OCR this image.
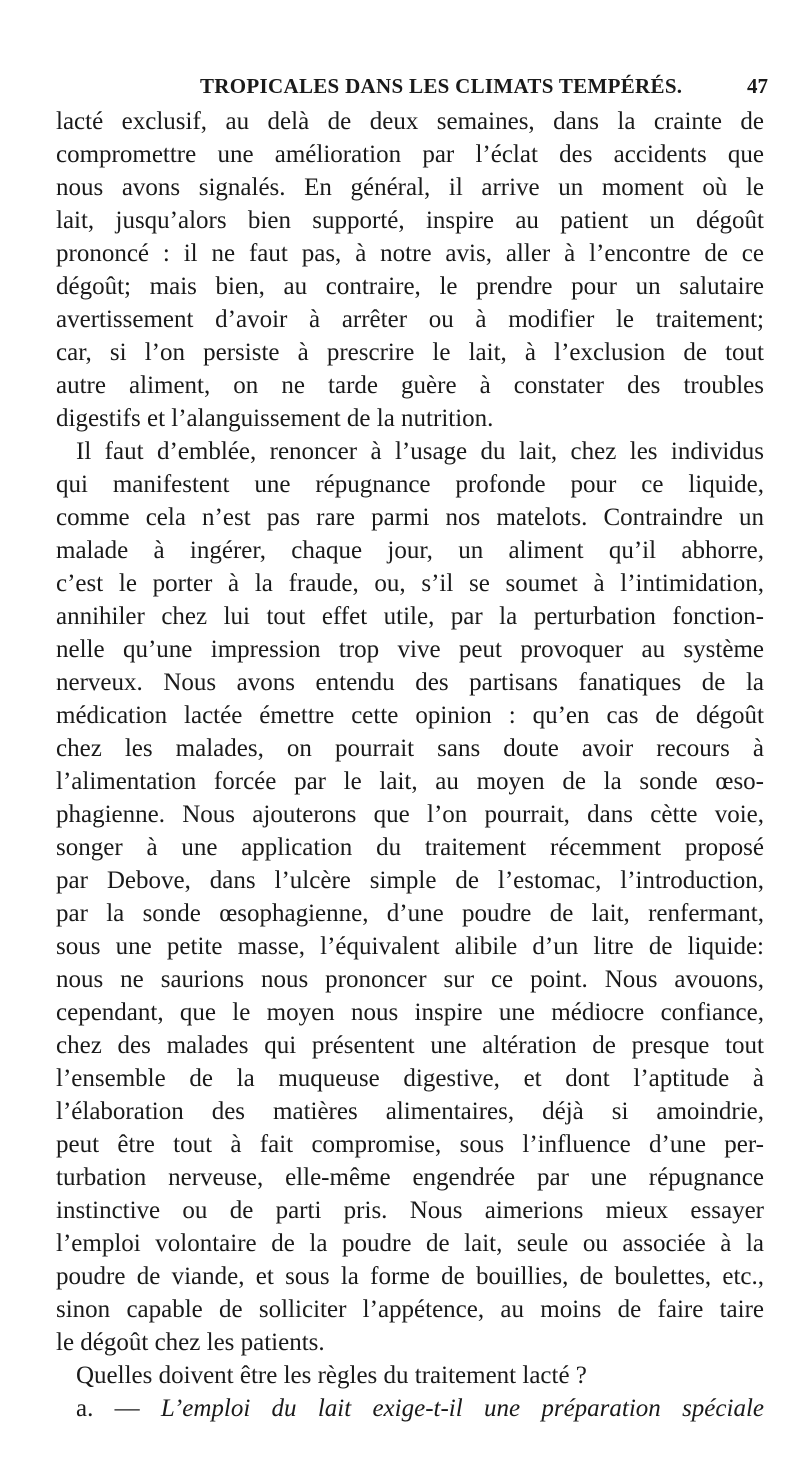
TROPICALES DANS LES CLIMATS TEMPÉRÉS.	47
lacté exclusif, au delà de deux semaines, dans la crainte de
compromettre une amélioration par l’éclat des accidents que
nous avons signalés. En général, il arrive un moment où le
lait, jusqu’alors bien supporté, inspire au patient un dégoût
prononcé : il ne faut pas, à notre avis, aller à l’encontre de ce
dégoût; mais bien, au contraire, le prendre pour un salutaire
avertissement d’avoir à arrêter ou à modifier le traitement;
car, si l’on persiste à prescrire le lait, à l’exclusion de tout
autre aliment, on ne tarde guère à constater des troubles
digestifs et l’alanguissement de la nutrition.
Il faut d’emblée, renoncer à l’usage du lait, chez les individus
qui manifestent une répugnance profonde pour ce liquide,
comme cela n’est pas rare parmi nos matelots. Contraindre un
malade à ingérer, chaque jour, un aliment qu’il abhorre,
c’est le porter à la fraude, ou, s’il se soumet à l’intimidation,
annihiler chez lui tout effet utile, par la perturbation fonction-
nelle qu’une impression trop vive peut provoquer au système
nerveux. Nous avons entendu des partisans fanatiques de la
médication lactée émettre cette opinion : qu’en cas de dégoût
chez les malades, on pourrait sans doute avoir recours à
l’alimentation forcée par le lait, au moyen de la sonde œso-
phagienne. Nous ajouterons que l’on pourrait, dans cètte voie,
songer à une application du traitement récemment proposé
par Debove, dans l’ulcère simple de l’estomac, l’introduction,
par la sonde œsophagienne, d’une poudre de lait, renfermant,
sous une petite masse, l’équivalent alibile d’un litre de liquide:
nous ne saurions nous prononcer sur ce point. Nous avouons,
cependant, que le moyen nous inspire une médiocre confiance,
chez des malades qui présentent une altération de presque tout
l’ensemble de la muqueuse digestive, et dont l’aptitude à
l’élaboration des matières alimentaires, déjà si amoindrie,
peut être tout à fait compromise, sous l’influence d’une per-
turbation nerveuse, elle-même engendrée par une répugnance
instinctive ou de parti pris. Nous aimerions mieux essayer
l’emploi volontaire de la poudre de lait, seule ou associée à la
poudre de viande, et sous la forme de bouillies, de boulettes, etc.,
sinon capable de solliciter l’appétence, au moins de faire taire
le dégoût chez les patients.
Quelles doivent être les règles du traitement lacté ?
a. — L’emploi du lait exige-t-il une préparation spéciale
